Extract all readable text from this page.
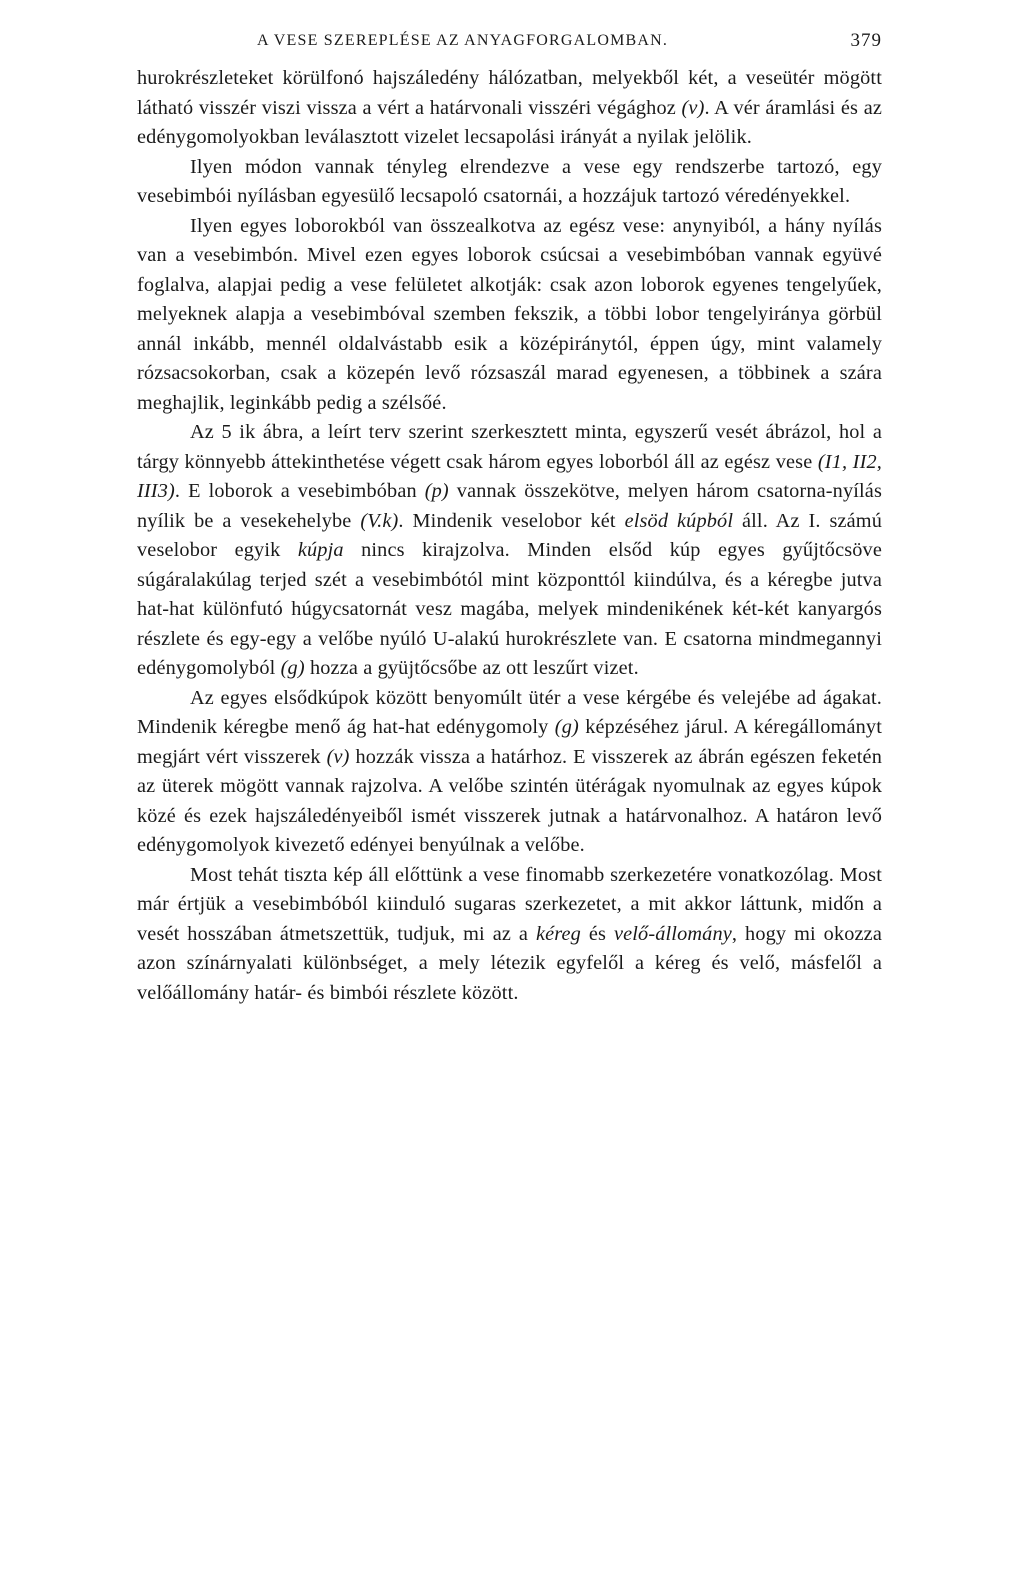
A VESE SZEREPLÉSE AZ ANYAGFORGALOMBAN.	379

hurokrészleteket körülfonó hajszáledény hálózatban, melyekből két, a veseütér mögött látható visszér viszi vissza a vért a határvonali visszéri végághoz (v). A vér áramlási és az edénygomolyokban leválasztott vizelet lecsapolási irányát a nyilak jelölik.

Ilyen módon vannak tényleg elrendezve a vese egy rendszerbe tartozó, egy vesebimbói nyílásban egyesülő lecsapoló csatornái, a hozzájuk tartozó véredényekkel.

Ilyen egyes loborokból van összealkotva az egész vese: anynyiból, a hány nyílás van a vesebimbón. Mivel ezen egyes loborok csúcsai a vesebimbóban vannak együvé foglalva, alapjai pedig a vese felületet alkotják: csak azon loborok egyenes tengelyűek, melyeknek alapja a vesebimbóval szemben fekszik, a többi lobor tengelyiránya görbül annál inkább, mennél oldalvástabb esik a középiránytól, éppen úgy, mint valamely rózsacsokorban, csak a közepén levő rózsaszál marad egyenesen, a többinek a szára meghajlik, leginkább pedig a szélsőé.

Az 5 ik ábra, a leírt terv szerint szerkesztett minta, egyszerű vesét ábrázol, hol a tárgy könnyebb áttekinthetése végett csak három egyes loborból áll az egész vese (I1, II2, III3). E loborok a vesebimbóban (p) vannak összekötve, melyen három csatorna-nyílás nyílik be a vesekehelybe (V.k). Mindenik veselobor két elsöd kúpból áll. Az I. számú veselobor egyik kúpja nincs kirajzolva. Minden elsőd kúp egyes gyűjtőcsöve súgáralakúlag terjed szét a vesebimbótól mint központtól kiindúlva, és a kéregbe jutva hat-hat különfutó húgycsatornát vesz magába, melyek mindenikének két-két kanyargós részlete és egy-egy a velőbe nyúló U-alakú hurokrészlete van. E csatorna mindmegannyi edénygomolyból (g) hozza a gyüjtőcsőbe az ott leszűrt vizet.

Az egyes elsődkúpok között benyomúlt ütér a vese kérgébe és velejébe ad ágakat. Mindenik kéregbe menő ág hat-hat edénygomoly (g) képzéséhez járul. A kéregállományt megjárt vért visszerek (v) hozzák vissza a határhoz. E visszerek az ábrán egészen feketén az üterek mögött vannak rajzolva. A velőbe szintén ütérágak nyomulnak az egyes kúpok közé és ezek hajszáledényeiből ismét visszerek jutnak a határvonalhoz. A határon levő edénygomolyok kivezető edényei benyúlnak a velőbe.

Most tehát tiszta kép áll előttünk a vese finomabb szerkezetére vonatkozólag. Most már értjük a vesebimbóból kiinduló sugaras szerkezetet, a mit akkor láttunk, midőn a vesét hosszában átmetszettük, tudjuk, mi az a kéreg és velő-állomány, hogy mi okozza azon színárnyalati különbséget, a mely létezik egyfelől a kéreg és velő, másfelől a velőállomány határ- és bimbói részlete között.
